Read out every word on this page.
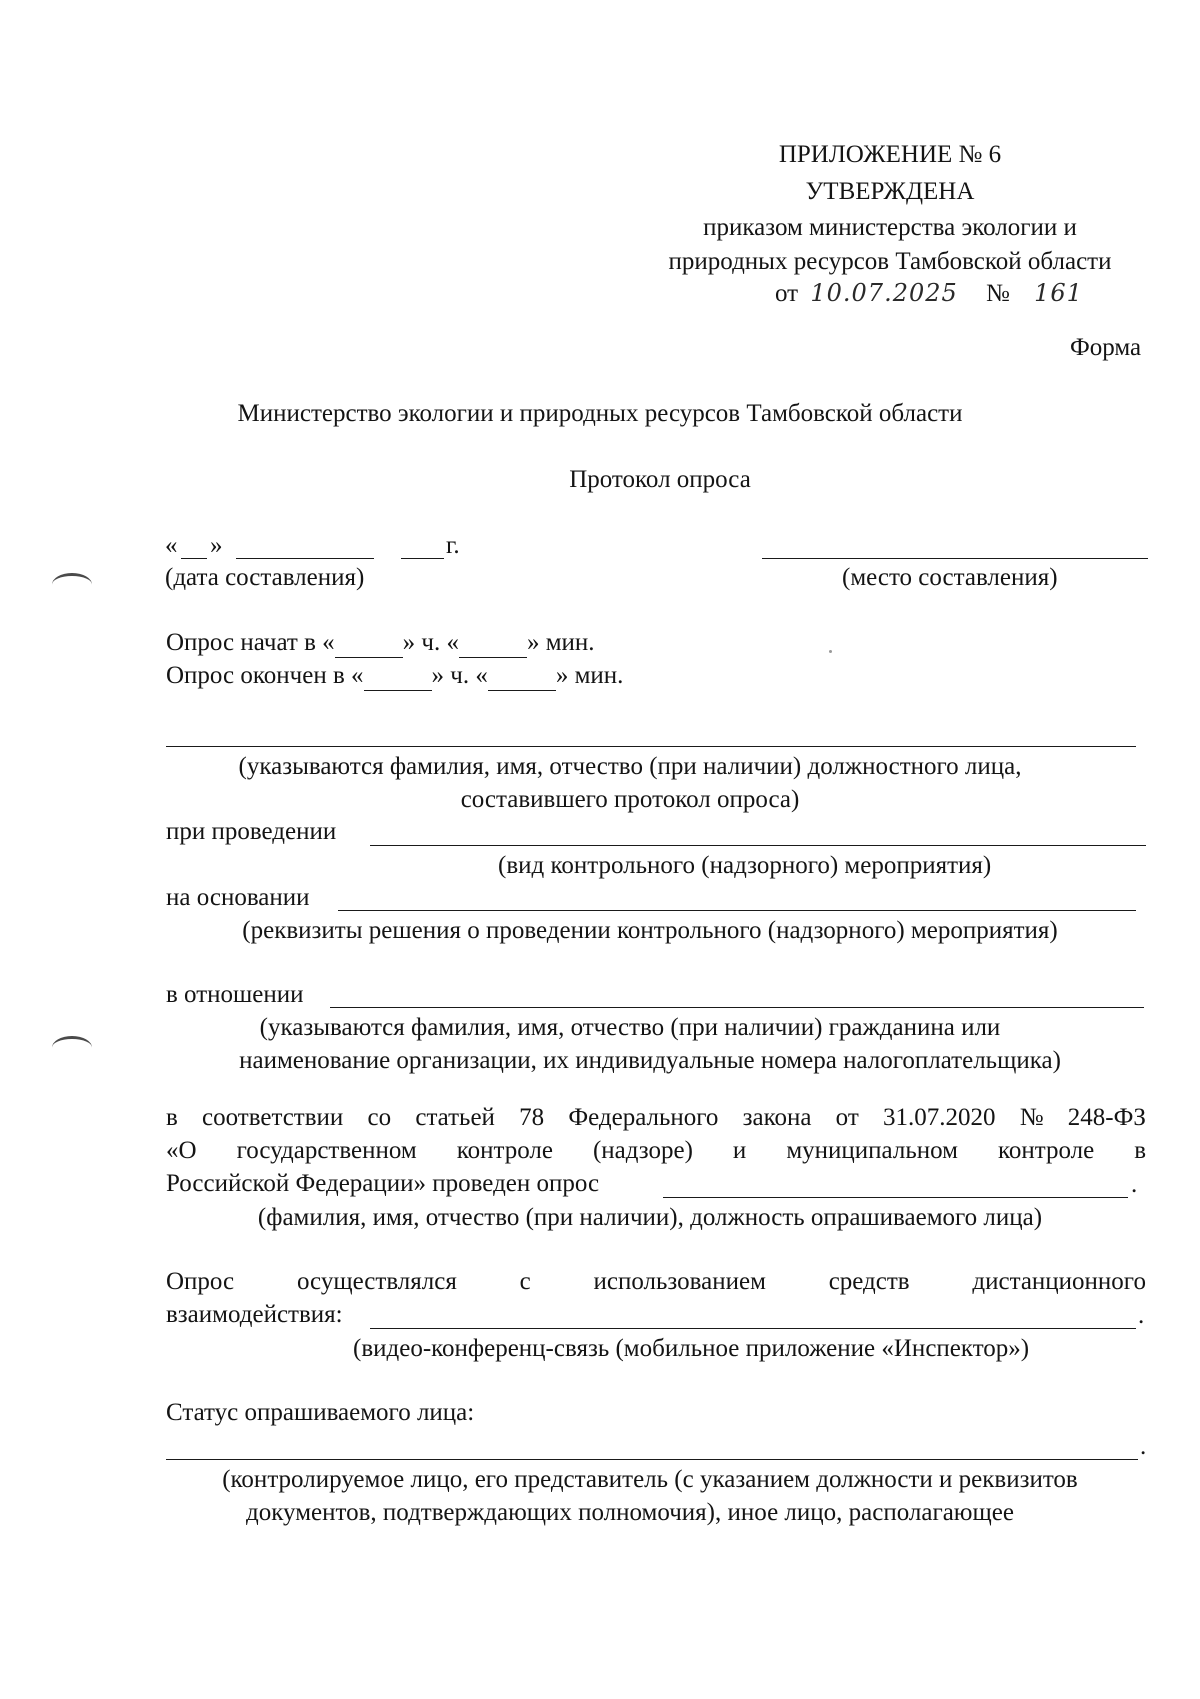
ПРИЛОЖЕНИЕ № 6
УТВЕРЖДЕНА
приказом министерства экологии и
природных ресурсов Тамбовской области
от 10.07.2025 № 161
Форма
Министерство экологии и природных ресурсов Тамбовской области
Протокол опроса
« »	г.
(дата составления)	(место составления)
Опрос начат в «	» ч. «	» мин.
Опрос окончен в «	» ч. «	» мин.
(указываются фамилия, имя, отчество (при наличии) должностного лица,
составившего протокол опроса)
при проведении
(вид контрольного (надзорного) мероприятия)
на основании
(реквизиты решения о проведении контрольного (надзорного) мероприятия)
в отношении
(указываются фамилия, имя, отчество (при наличии) гражданина или
наименование организации, их индивидуальные номера налогоплательщика)
в соответствии со статьей 78 Федерального закона от 31.07.2020 № 248-ФЗ
«О государственном контроле (надзоре) и муниципальном контроле в
Российской Федерации» проведен опрос	.
(фамилия, имя, отчество (при наличии), должность опрашиваемого лица)
Опрос	осуществлялся	с	использованием	средств	дистанционного
взаимодействия:	.
(видео-конференц-связь (мобильное приложение «Инспектор»)
Статус опрашиваемого лица:
.
(контролируемое лицо, его представитель (с указанием должности и реквизитов
документов, подтверждающих полномочия), иное лицо, располагающее
